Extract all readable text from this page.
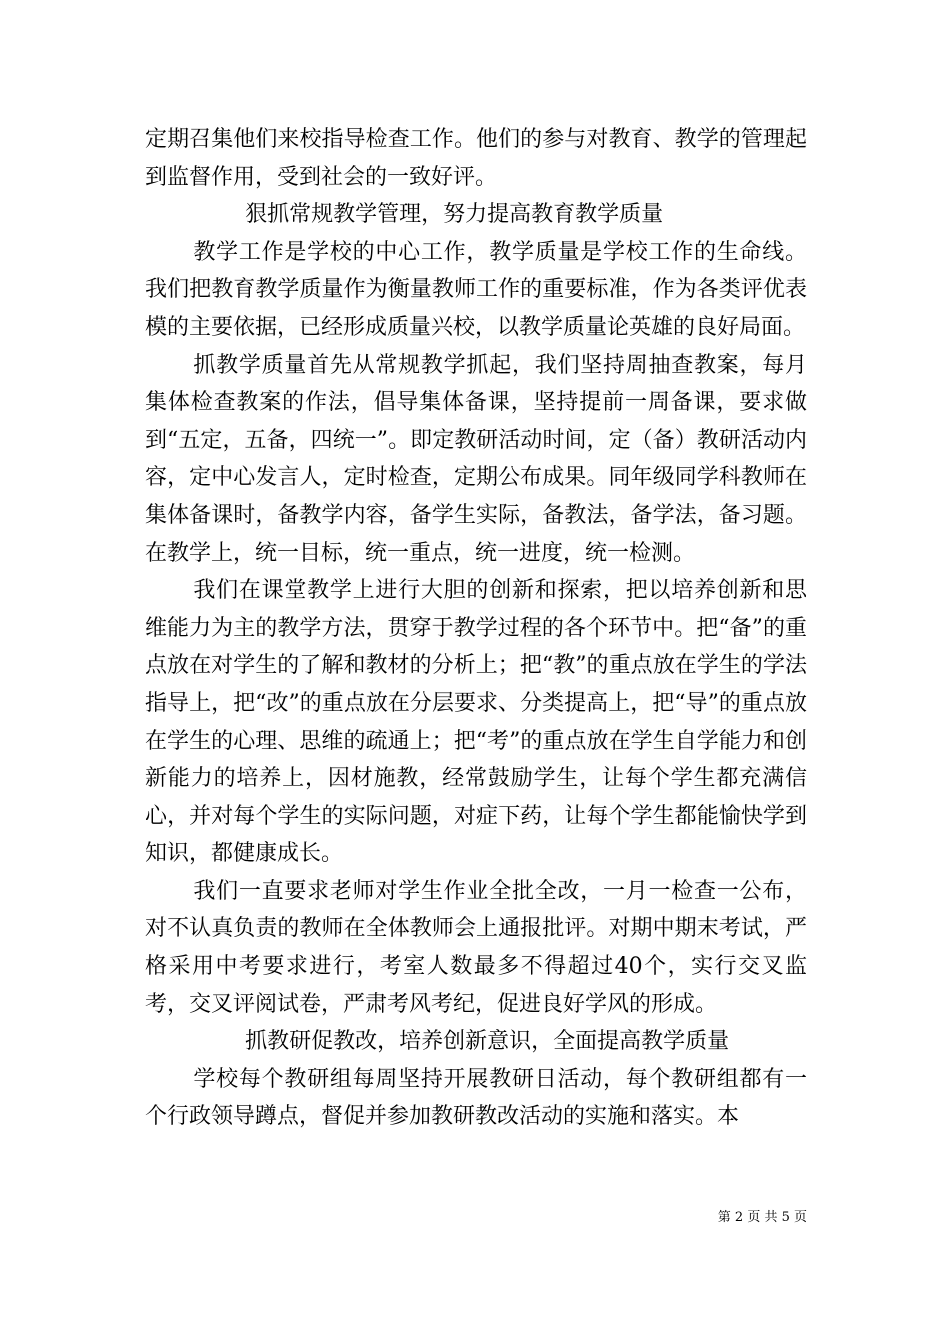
定期召集他们来校指导检查工作。他们的参与对教育、教学的管理起到监督作用，受到社会的一致好评。

狠抓常规教学管理，努力提高教育教学质量

教学工作是学校的中心工作，教学质量是学校工作的生命线。我们把教育教学质量作为衡量教师工作的重要标准，作为各类评优表模的主要依据，已经形成质量兴校，以教学质量论英雄的良好局面。

抓教学质量首先从常规教学抓起，我们坚持周抽查教案，每月集体检查教案的作法，倡导集体备课，坚持提前一周备课，要求做到“五定，五备，四统一”。即定教研活动时间，定（备）教研活动内容，定中心发言人，定时检查，定期公布成果。同年级同学科教师在集体备课时，备教学内容，备学生实际，备教法，备学法，备习题。在教学上，统一目标，统一重点，统一进度，统一检测。

我们在课堂教学上进行大胆的创新和探索，把以培养创新和思维能力为主的教学方法，贯穿于教学过程的各个环节中。把“备”的重点放在对学生的了解和教材的分析上；把“教”的重点放在学生的学法指导上，把“改”的重点放在分层要求、分类提高上，把“导”的重点放在学生的心理、思维的疏通上；把“考”的重点放在学生自学能力和创新能力的培养上，因材施教，经常鼓励学生，让每个学生都充满信心，并对每个学生的实际问题，对症下药，让每个学生都能愉快学到知识，都健康成长。

我们一直要求老师对学生作业全批全改，一月一检查一公布，对不认真负责的教师在全体教师会上通报批评。对期中期末考试，严格采用中考要求进行，考室人数最多不得超过40个，实行交叉监考，交叉评阅试卷，严肃考风考纪，促进良好学风的形成。

抓教研促教改，培养创新意识，全面提高教学质量

学校每个教研组每周坚持开展教研日活动，每个教研组都有一个行政领导蹲点，督促并参加教研教改活动的实施和落实。本

第 2 页 共 5 页
